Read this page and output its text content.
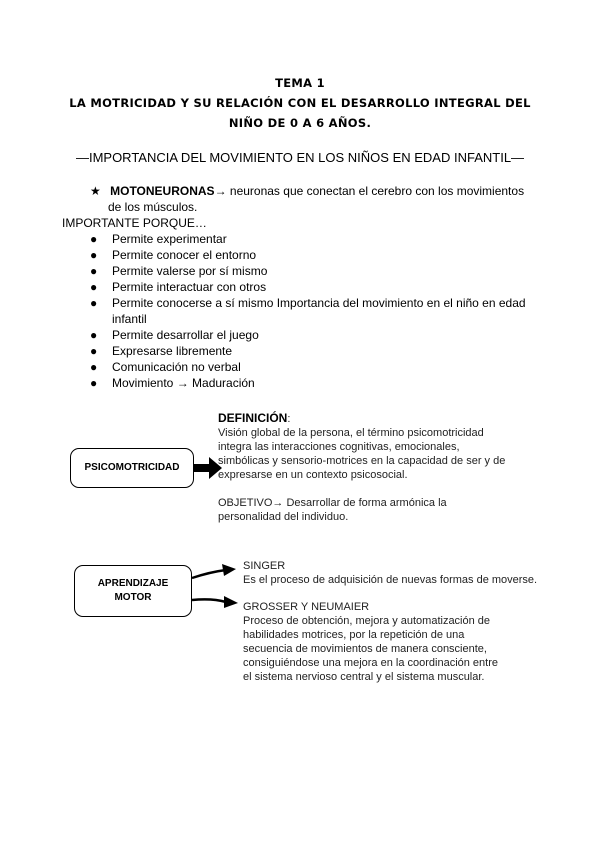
TEMA 1
LA MOTRICIDAD Y SU RELACIÓN CON EL DESARROLLO INTEGRAL DEL
NIÑO DE 0 A 6 AÑOS.
—IMPORTANCIA DEL MOVIMIENTO EN LOS NIÑOS EN EDAD INFANTIL—
★ MOTONEURONAS→ neuronas que conectan el cerebro con los movimientos
de los músculos.
IMPORTANTE PORQUE…
● Permite experimentar
● Permite conocer el entorno
● Permite valerse por sí mismo
● Permite interactuar con otros
● Permite conocerse a sí mismo Importancia del movimiento en el niño en edad
infantil
● Permite desarrollar el juego
● Expresarse libremente
● Comunicación no verbal
● Movimiento → Maduración
PSICOMOTRICIDAD
DEFINICIÓN:
Visión global de la persona, el término psicomotricidad
integra las interacciones cognitivas, emocionales,
simbólicas y sensorio-motrices en la capacidad de ser y de
expresarse en un contexto psicosocial.

OBJETIVO→ Desarrollar de forma armónica la
personalidad del individuo.
APRENDIZAJE
MOTOR
SINGER
Es el proceso de adquisición de nuevas formas de moverse.
GROSSER Y NEUMAIER
Proceso de obtención, mejora y automatización de
habilidades motrices, por la repetición de una
secuencia de movimientos de manera consciente,
consiguiéndose una mejora en la coordinación entre
el sistema nervioso central y el sistema muscular.
